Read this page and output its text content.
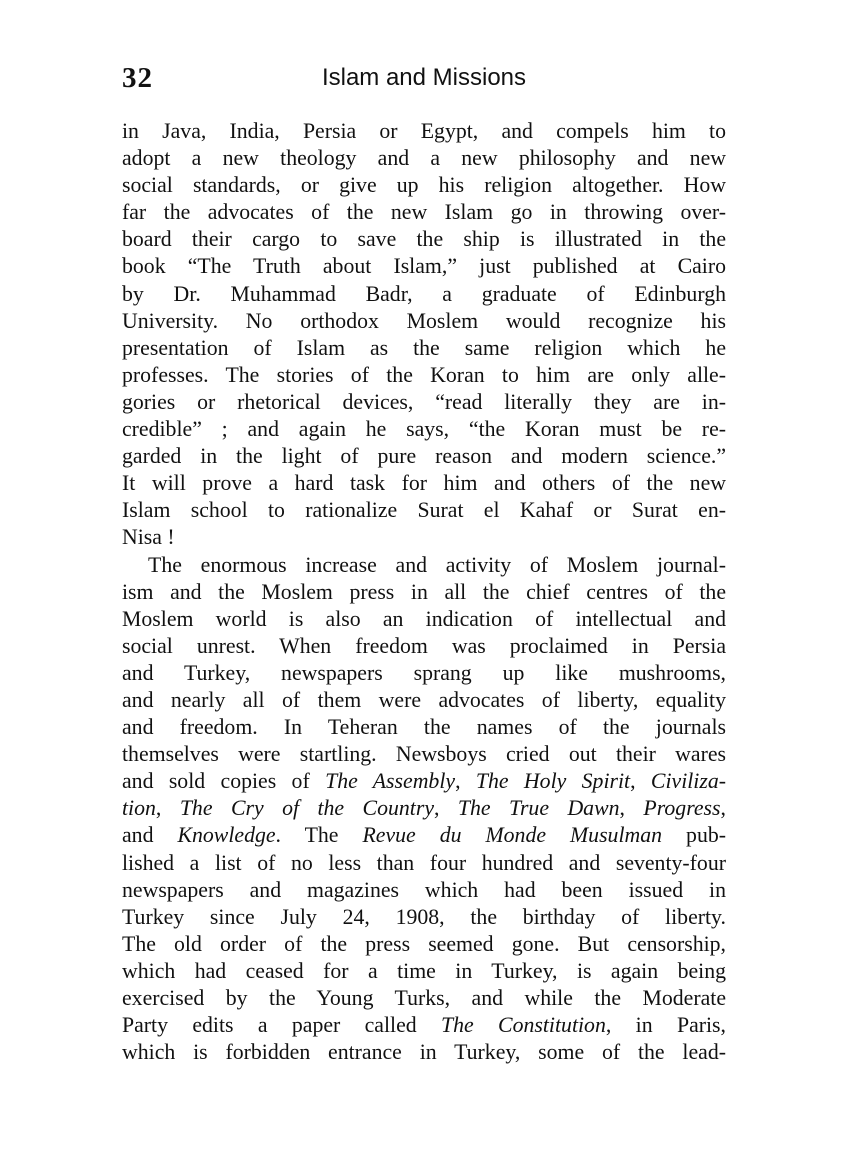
32	Islam and Missions
in Java, India, Persia or Egypt, and compels him to
adopt a new theology and a new philosophy and new
social standards, or give up his religion altogether. How
far the advocates of the new Islam go in throwing over-
board their cargo to save the ship is illustrated in the
book “The Truth about Islam,” just published at Cairo
by Dr. Muhammad Badr, a graduate of Edinburgh
University. No orthodox Moslem would recognize his
presentation of Islam as the same religion which he
professes. The stories of the Koran to him are only alle-
gories or rhetorical devices, “read literally they are in-
credible” ; and again he says, “the Koran must be re-
garded in the light of pure reason and modern science.”
It will prove a hard task for him and others of the new
Islam school to rationalize Surat el Kahaf or Surat en-
Nisa !
The enormous increase and activity of Moslem journal-
ism and the Moslem press in all the chief centres of the
Moslem world is also an indication of intellectual and
social unrest. When freedom was proclaimed in Persia
and Turkey, newspapers sprang up like mushrooms,
and nearly all of them were advocates of liberty, equality
and freedom. In Teheran the names of the journals
themselves were startling. Newsboys cried out their wares
and sold copies of The Assembly, The Holy Spirit, Civiliza-
tion, The Cry of the Country, The True Dawn, Progress,
and Knowledge. The Revue du Monde Musulman pub-
lished a list of no less than four hundred and seventy-four
newspapers and magazines which had been issued in
Turkey since July 24, 1908, the birthday of liberty.
The old order of the press seemed gone. But censorship,
which had ceased for a time in Turkey, is again being
exercised by the Young Turks, and while the Moderate
Party edits a paper called The Constitution, in Paris,
which is forbidden entrance in Turkey, some of the lead-
